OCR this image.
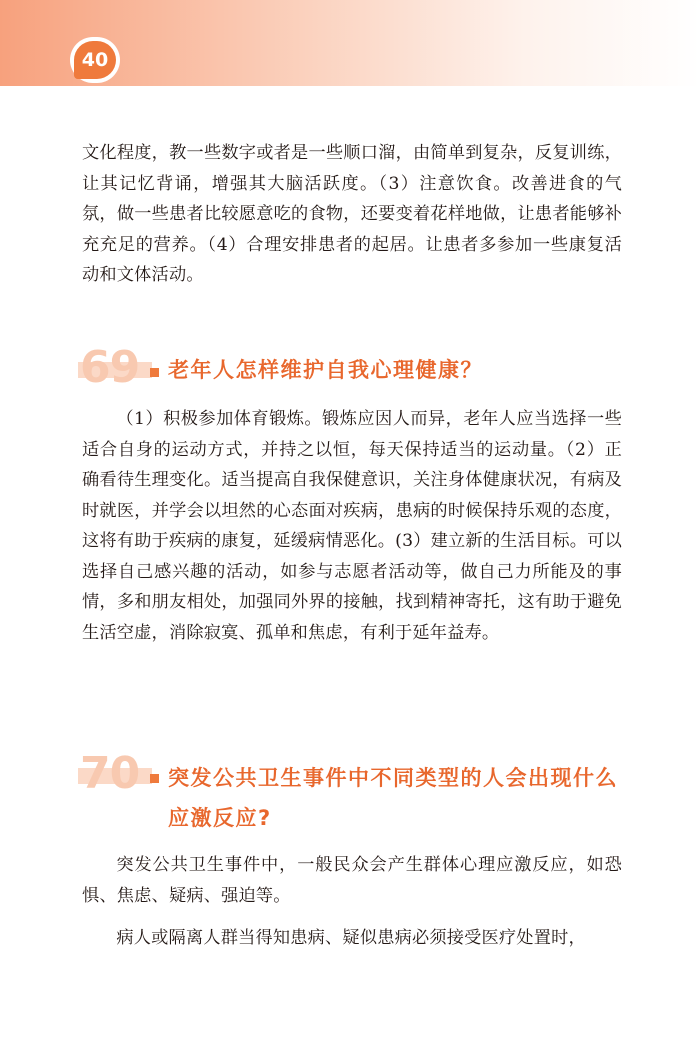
40

文化程度，教一些数字或者是一些顺口溜，由简单到复杂，反复训练，让其记忆背诵，增强其大脑活跃度。（3）注意饮食。改善进食的气氛，做一些患者比较愿意吃的食物，还要变着花样地做，让患者能够补充充足的营养。（4）合理安排患者的起居。让患者多参加一些康复活动和文体活动。

69 老年人怎样维护自我心理健康？

（1）积极参加体育锻炼。锻炼应因人而异，老年人应当选择一些适合自身的运动方式，并持之以恒，每天保持适当的运动量。（2）正确看待生理变化。适当提高自我保健意识，关注身体健康状况，有病及时就医，并学会以坦然的心态面对疾病，患病的时候保持乐观的态度，这将有助于疾病的康复，延缓病情恶化。(3）建立新的生活目标。可以选择自己感兴趣的活动，如参与志愿者活动等，做自己力所能及的事情，多和朋友相处，加强同外界的接触，找到精神寄托，这有助于避免生活空虚，消除寂寞、孤单和焦虑，有利于延年益寿。

70 突发公共卫生事件中不同类型的人会出现什么应激反应?

突发公共卫生事件中，一般民众会产生群体心理应激反应，如恐惧、焦虑、疑病、强迫等。

病人或隔离人群当得知患病、疑似患病必须接受医疗处置时，
